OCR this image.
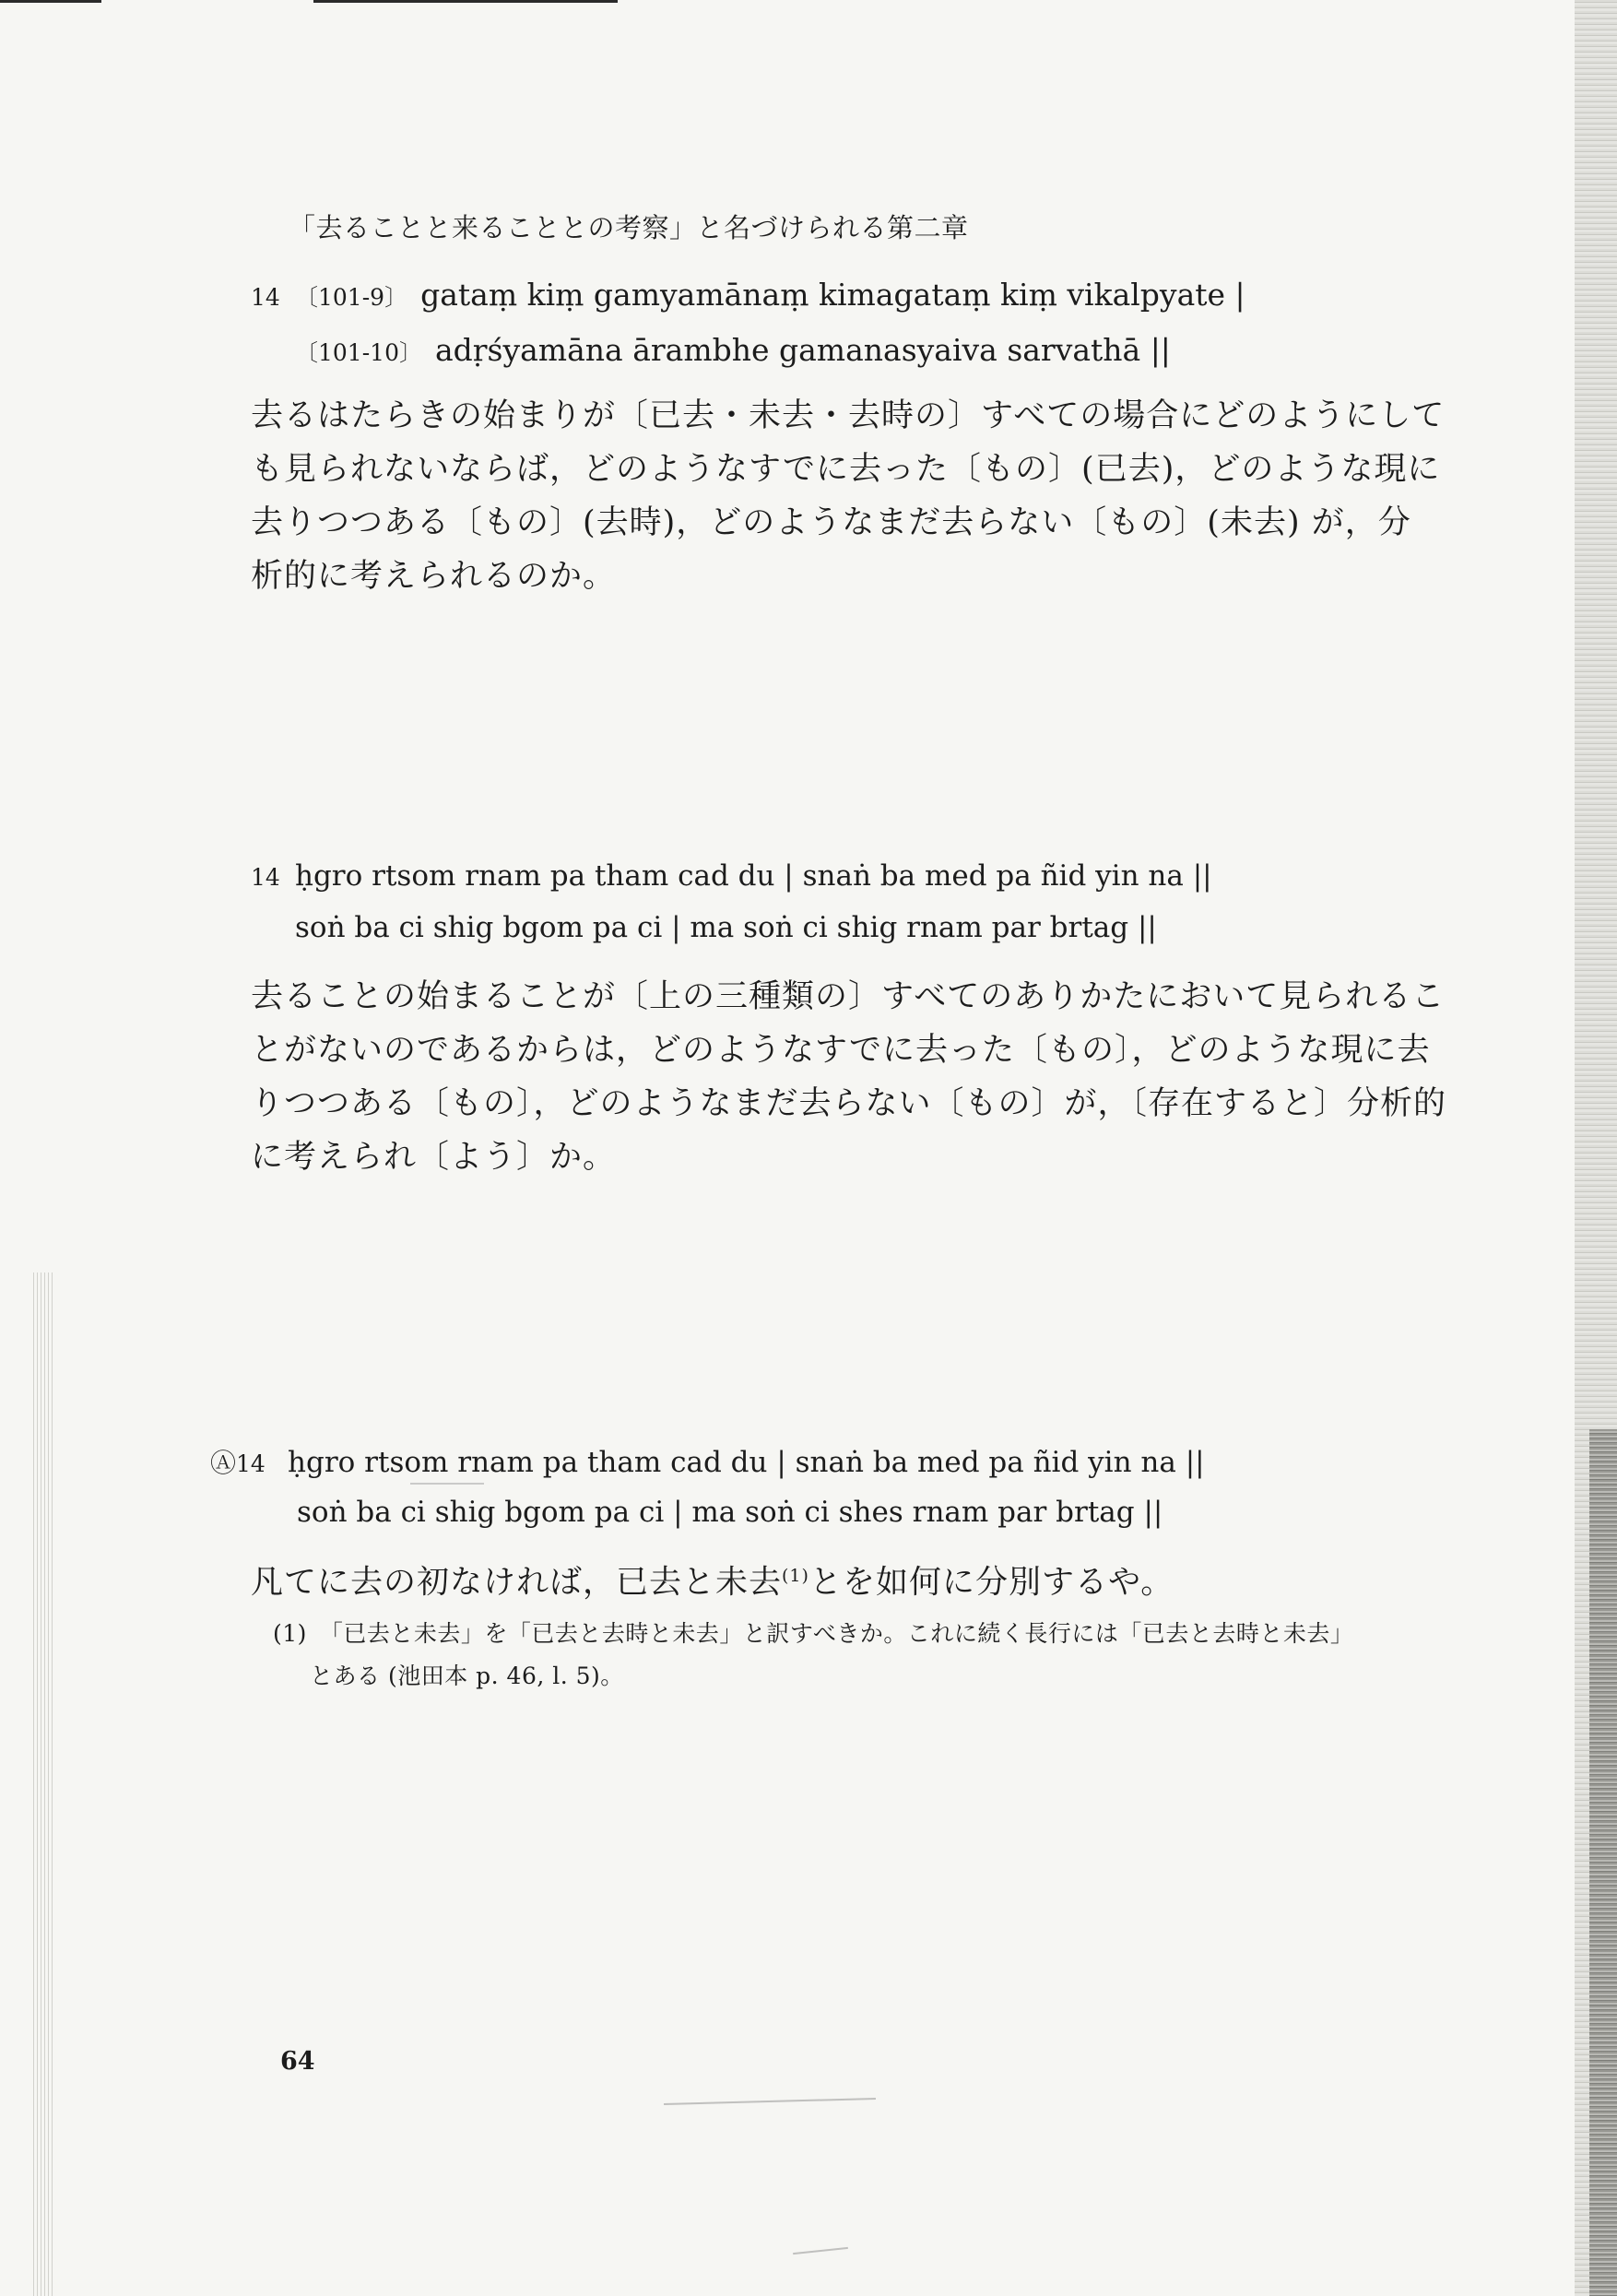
「去ることと来ることとの考察」と名づけられる第二章
14 〔101-9〕 gataṃ kiṃ gamyamānaṃ kimagataṃ kiṃ vikalpyate |
〔101-10〕 adṛśyamāna ārambhe gamanasyaiva sarvathā ||
去るはたらきの始まりが〔已去・未去・去時の〕すべての場合にどのようにして
も見られないならば，どのようなすでに去った〔もの〕(已去)，どのような現に
去りつつある〔もの〕(去時)，どのようなまだ去らない〔もの〕(未去) が，分
析的に考えられるのか。
14 ḥgro rtsom rnam pa tham cad du | snaṅ ba med pa ñid yin na ||
soṅ ba ci shig bgom pa ci | ma soṅ ci shig rnam par brtag ||
去ることの始まることが〔上の三種類の〕すべてのありかたにおいて見られるこ
とがないのであるからは，どのようなすでに去った〔もの〕，どのような現に去
りつつある〔もの〕，どのようなまだ去らない〔もの〕が，〔存在すると〕分析的
に考えられ〔よう〕か。
Ⓐ14 ḥgro rtsom rnam pa tham cad du | snaṅ ba med pa ñid yin na ||
soṅ ba ci shig bgom pa ci | ma soṅ ci shes rnam par brtag ||
凡てに去の初なければ，已去と未去$^{(1)}$とを如何に分別するや。
(1) 「已去と未去」を「已去と去時と未去」と訳すべきか。これに続く長行には「已去と去時と未去」
とある (池田本 p. 46, l. 5)。
64
